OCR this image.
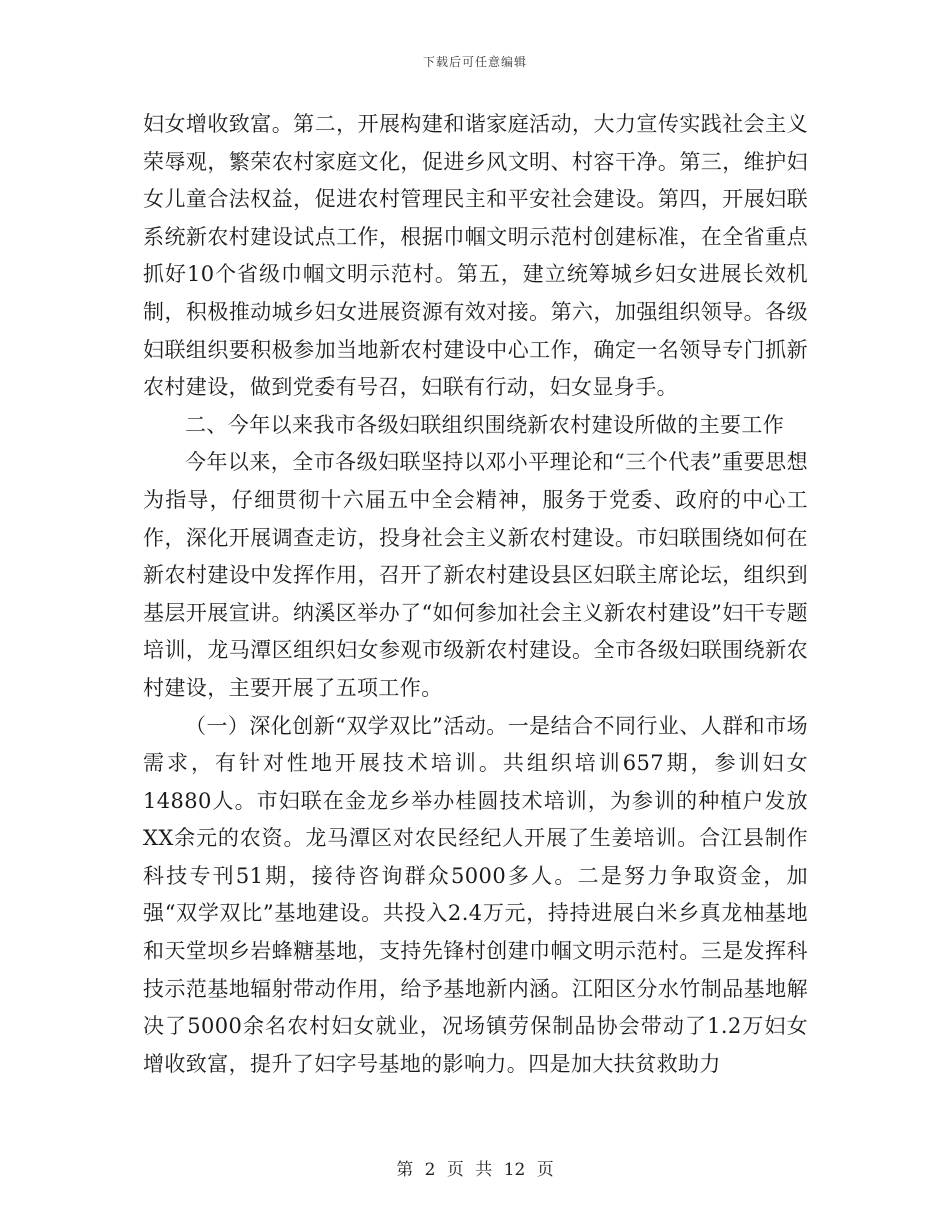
下载后可任意编辑

妇女增收致富。第二，开展构建和谐家庭活动，大力宣传实践社会主义荣辱观，繁荣农村家庭文化，促进乡风文明、村容干净。第三，维护妇女儿童合法权益，促进农村管理民主和平安社会建设。第四，开展妇联系统新农村建设试点工作，根据巾帼文明示范村创建标准，在全省重点抓好10个省级巾帼文明示范村。第五，建立统筹城乡妇女进展长效机制，积极推动城乡妇女进展资源有效对接。第六，加强组织领导。各级妇联组织要积极参加当地新农村建设中心工作，确定一名领导专门抓新农村建设，做到党委有号召，妇联有行动，妇女显身手。

二、今年以来我市各级妇联组织围绕新农村建设所做的主要工作

今年以来，全市各级妇联坚持以邓小平理论和“三个代表”重要思想为指导，仔细贯彻十六届五中全会精神，服务于党委、政府的中心工作，深化开展调查走访，投身社会主义新农村建设。市妇联围绕如何在新农村建设中发挥作用，召开了新农村建设县区妇联主席论坛，组织到基层开展宣讲。纳溪区举办了“如何参加社会主义新农村建设”妇干专题培训，龙马潭区组织妇女参观市级新农村建设。全市各级妇联围绕新农村建设，主要开展了五项工作。

（一）深化创新“双学双比”活动。一是结合不同行业、人群和市场需求，有针对性地开展技术培训。共组织培训657期，参训妇女14880人。市妇联在金龙乡举办桂圆技术培训，为参训的种植户发放XX余元的农资。龙马潭区对农民经纪人开展了生姜培训。合江县制作科技专刊51期，接待咨询群众5000多人。二是努力争取资金，加强“双学双比”基地建设。共投入2.4万元，持持进展白米乡真龙柚基地和天堂坝乡岩蜂糖基地，支持先锋村创建巾帼文明示范村。三是发挥科技示范基地辐射带动作用，给予基地新内涵。江阳区分水竹制品基地解决了5000余名农村妇女就业，况场镇劳保制品协会带动了1.2万妇女增收致富，提升了妇字号基地的影响力。四是加大扶贫救助力

第 2 页 共 12 页
